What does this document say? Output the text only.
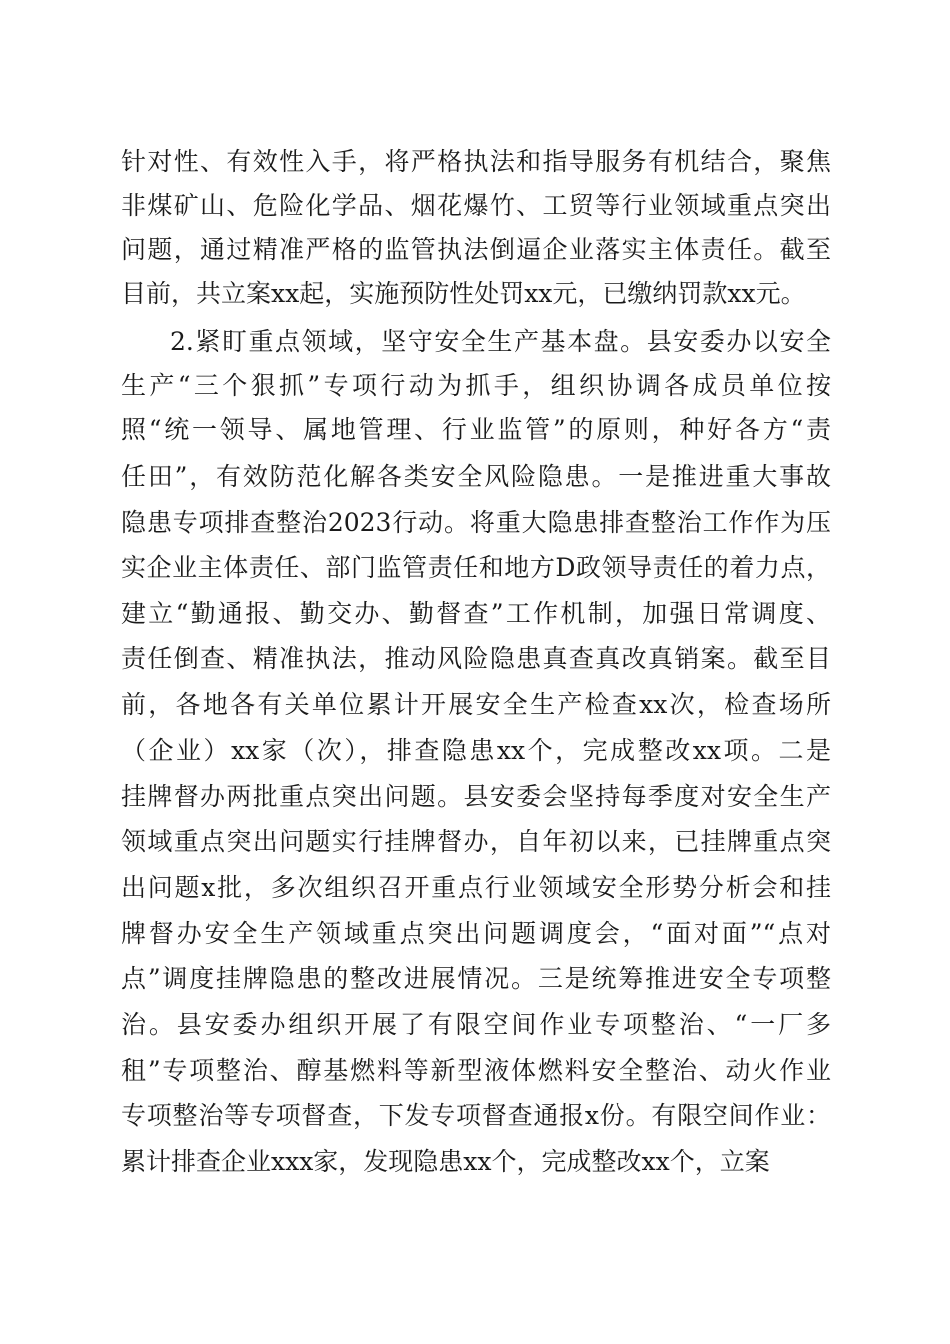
针对性、有效性入手，将严格执法和指导服务有机结合，聚焦
非煤矿山、危险化学品、烟花爆竹、工贸等行业领域重点突出
问题，通过精准严格的监管执法倒逼企业落实主体责任。截至
目前，共立案xx起，实施预防性处罚xx元，已缴纳罚款xx元。
2.紧盯重点领域，坚守安全生产基本盘。县安委办以安全
生产“三个狠抓”专项行动为抓手，组织协调各成员单位按
照“统一领导、属地管理、行业监管”的原则，种好各方“责
任田”，有效防范化解各类安全风险隐患。一是推进重大事故
隐患专项排查整治2023行动。将重大隐患排查整治工作作为压
实企业主体责任、部门监管责任和地方D政领导责任的着力点，
建立“勤通报、勤交办、勤督查”工作机制，加强日常调度、
责任倒查、精准执法，推动风险隐患真查真改真销案。截至目
前，各地各有关单位累计开展安全生产检查xx次，检查场所
（企业）xx家（次），排查隐患xx个，完成整改xx项。二是
挂牌督办两批重点突出问题。县安委会坚持每季度对安全生产
领域重点突出问题实行挂牌督办，自年初以来，已挂牌重点突
出问题x批，多次组织召开重点行业领域安全形势分析会和挂
牌督办安全生产领域重点突出问题调度会，“面对面”“点对
点”调度挂牌隐患的整改进展情况。三是统筹推进安全专项整
治。县安委办组织开展了有限空间作业专项整治、“一厂多
租”专项整治、醇基燃料等新型液体燃料安全整治、动火作业
专项整治等专项督查，下发专项督查通报x份。有限空间作业：
累计排查企业xxx家，发现隐患xx个，完成整改xx个，立案
